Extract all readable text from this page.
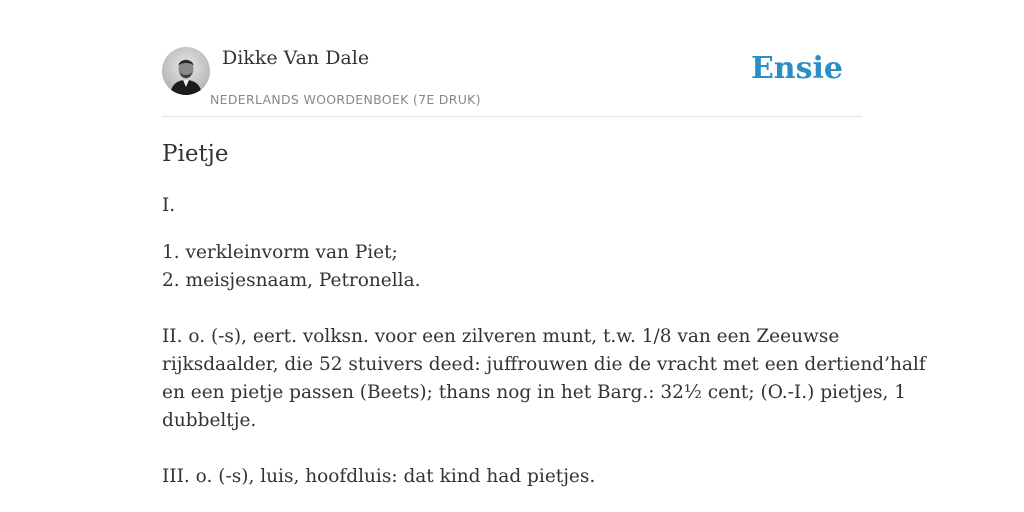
Dikke Van Dale
NEDERLANDS WOORDENBOEK (7E DRUK)
Ensie
Pietje
I.
1. verkleinvorm van Piet;
2. meisjesnaam, Petronella.
II. o. (-s), eert. volksn. voor een zilveren munt, t.w. 1/8 van een Zeeuwse
rijksdaalder, die 52 stuivers deed: juffrouwen die de vracht met een dertiend’half
en een pietje passen (Beets); thans nog in het Barg.: 32½ cent; (O.-I.) pietjes, 1
dubbeltje.
III. o. (-s), luis, hoofdluis: dat kind had pietjes.
